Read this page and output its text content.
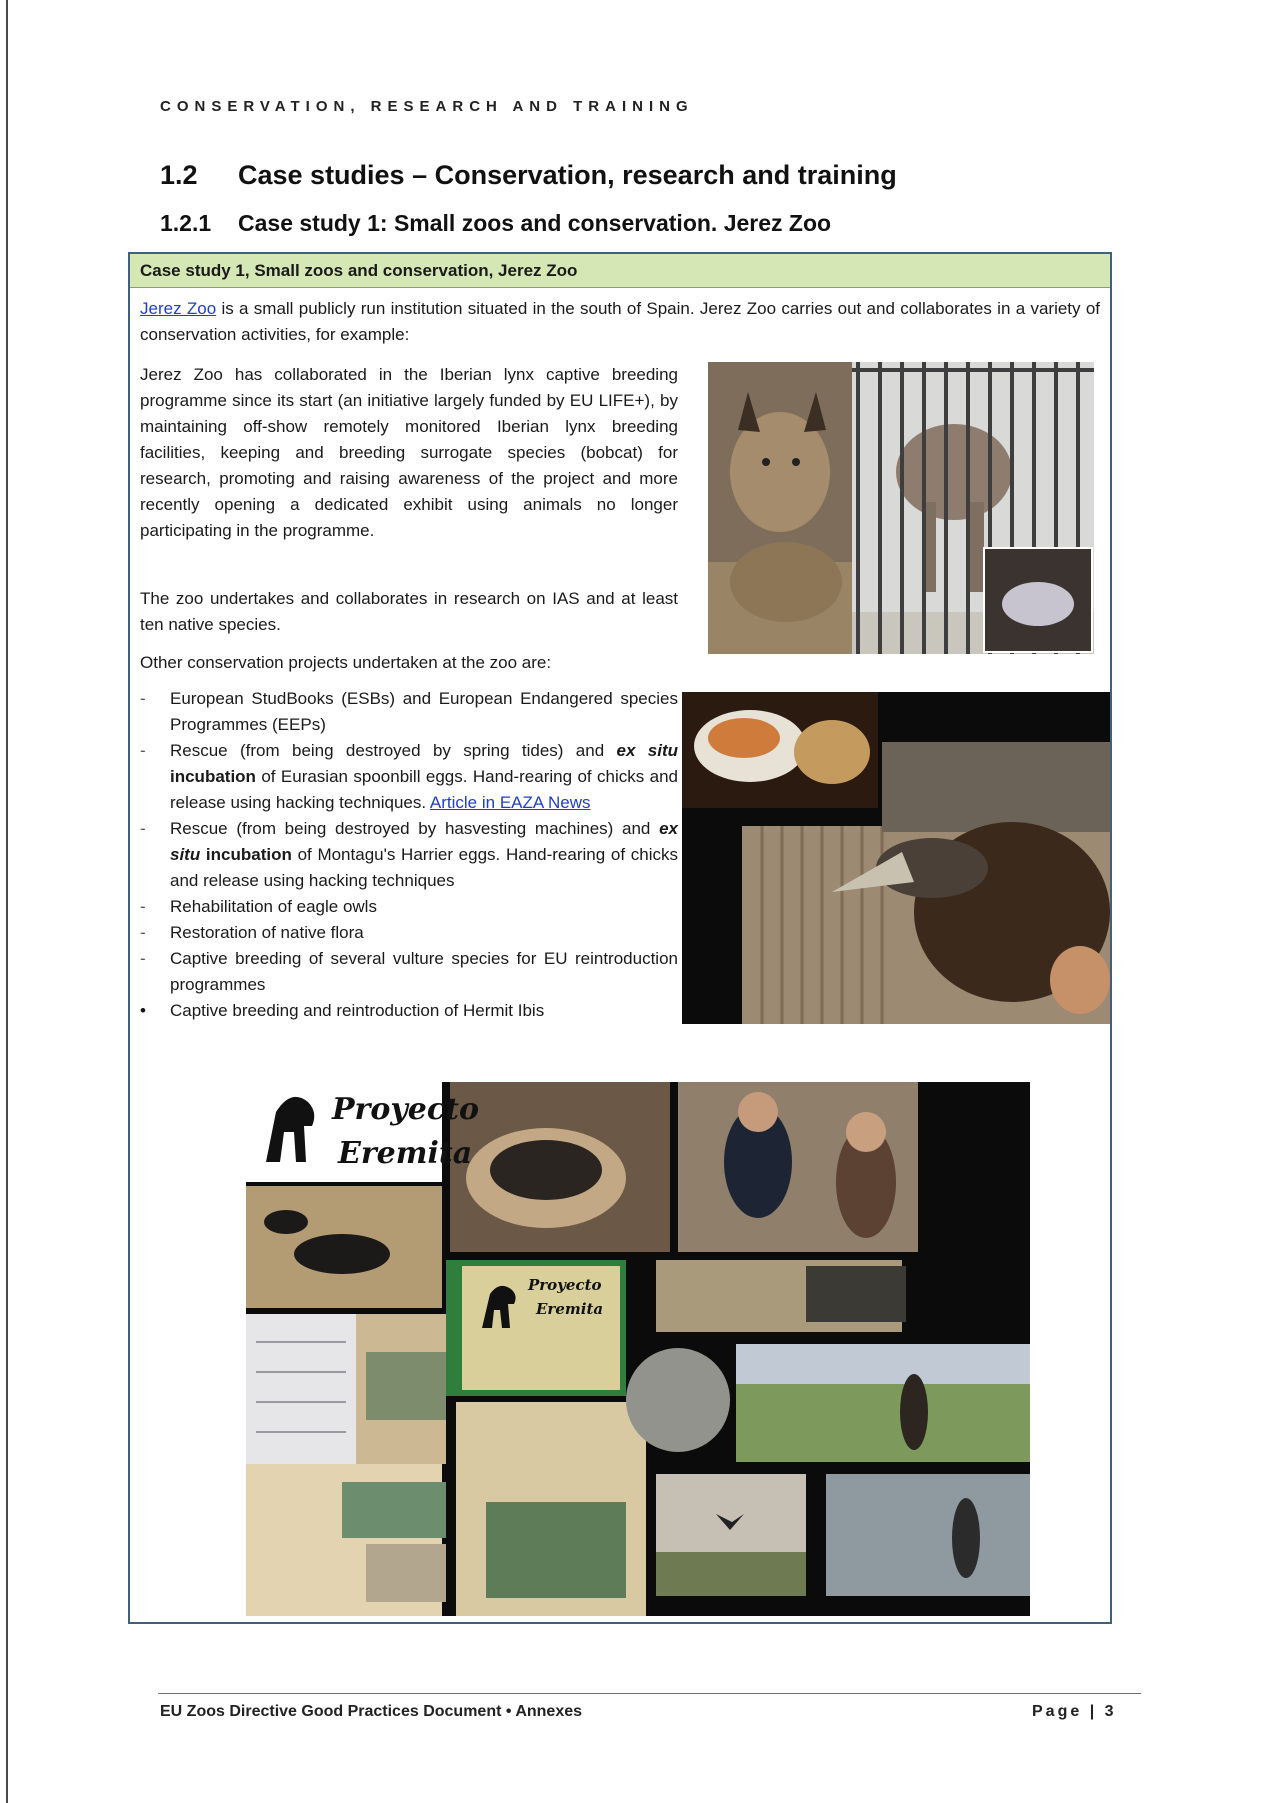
CONSERVATION, RESEARCH AND TRAINING
1.2 Case studies – Conservation, research and training
1.2.1 Case study 1: Small zoos and conservation. Jerez Zoo
Case study 1, Small zoos and conservation, Jerez Zoo
Jerez Zoo is a small publicly run institution situated in the south of Spain. Jerez Zoo carries out and collaborates in a variety of conservation activities, for example:
Jerez Zoo has collaborated in the Iberian lynx captive breeding programme since its start (an initiative largely funded by EU LIFE+), by maintaining off-show remotely monitored Iberian lynx breeding facilities, keeping and breeding surrogate species (bobcat) for research, promoting and raising awareness of the project and more recently opening a dedicated exhibit using animals no longer participating in the programme.
The zoo undertakes and collaborates in research on IAS and at least ten native species.
Other conservation projects undertaken at the zoo are:
- European StudBooks (ESBs) and European Endangered species Programmes (EEPs)
- Rescue (from being destroyed by spring tides) and ex situ incubation of Eurasian spoonbill eggs. Hand-rearing of chicks and release using hacking techniques. Article in EAZA News
- Rescue (from being destroyed by hasvesting machines) and ex situ incubation of Montagu's Harrier eggs. Hand-rearing of chicks and release using hacking techniques
- Rehabilitation of eagle owls
- Restoration of native flora
- Captive breeding of several vulture species for EU reintroduction programmes
• Captive breeding and reintroduction of Hermit Ibis
Proyecto
Eremita
Proyecto
Eremita
EU Zoos Directive Good Practices Document • Annexes	Page | 3
